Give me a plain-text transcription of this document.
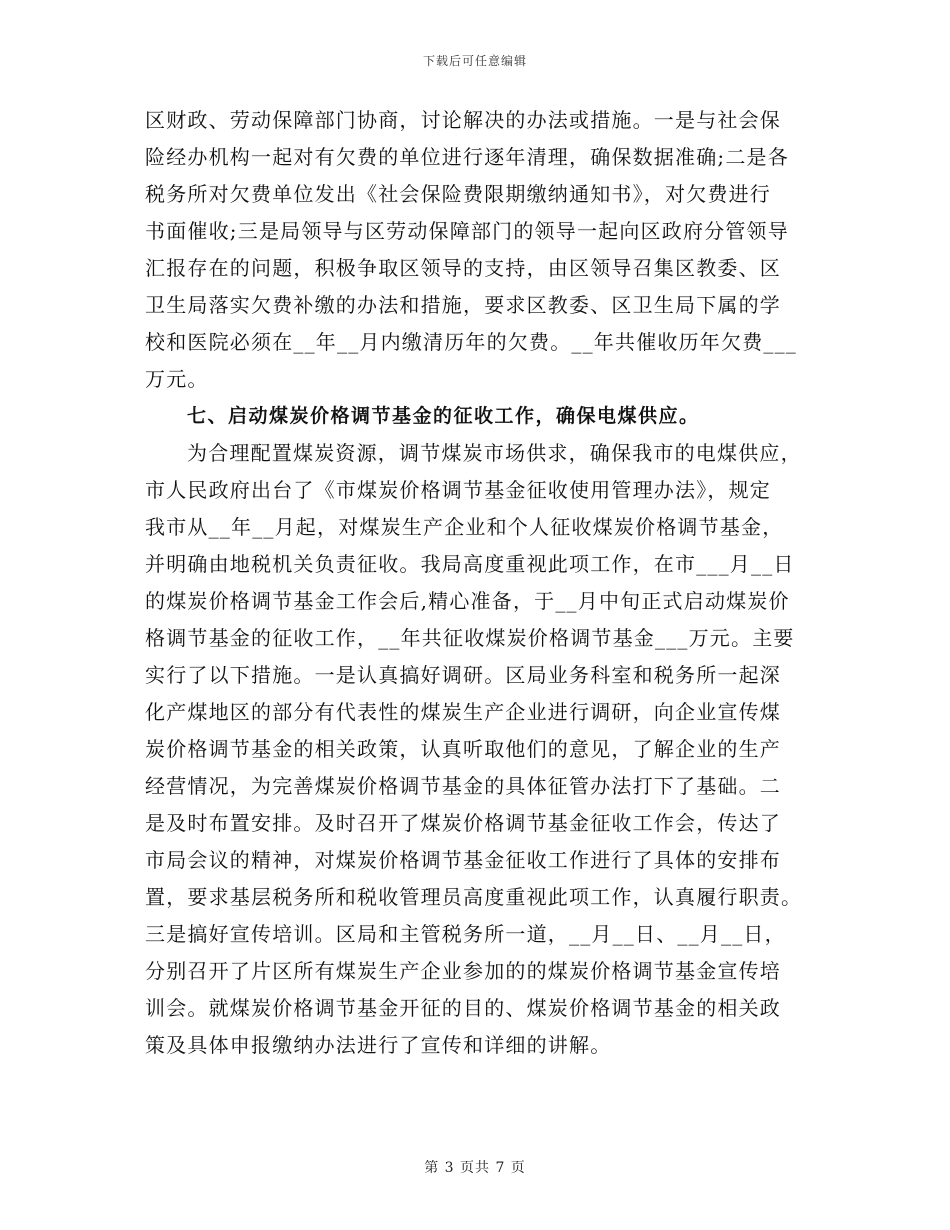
下载后可任意编辑
区财政、劳动保障部门协商，讨论解决的办法或措施。一是与社会保
险经办机构一起对有欠费的单位进行逐年清理，确保数据准确;二是各
税务所对欠费单位发出《社会保险费限期缴纳通知书》，对欠费进行
书面催收;三是局领导与区劳动保障部门的领导一起向区政府分管领导
汇报存在的问题，积极争取区领导的支持，由区领导召集区教委、区
卫生局落实欠费补缴的办法和措施，要求区教委、区卫生局下属的学
校和医院必须在__年__月内缴清历年的欠费。__年共催收历年欠费___
万元。
七、启动煤炭价格调节基金的征收工作，确保电煤供应。
为合理配置煤炭资源，调节煤炭市场供求，确保我市的电煤供应，
市人民政府出台了《市煤炭价格调节基金征收使用管理办法》，规定
我市从__年__月起，对煤炭生产企业和个人征收煤炭价格调节基金，
并明确由地税机关负责征收。我局高度重视此项工作，在市___月__日
的煤炭价格调节基金工作会后,精心准备，于__月中旬正式启动煤炭价
格调节基金的征收工作，__年共征收煤炭价格调节基金___万元。主要
实行了以下措施。一是认真搞好调研。区局业务科室和税务所一起深
化产煤地区的部分有代表性的煤炭生产企业进行调研，向企业宣传煤
炭价格调节基金的相关政策，认真听取他们的意见，了解企业的生产
经营情况，为完善煤炭价格调节基金的具体征管办法打下了基础。二
是及时布置安排。及时召开了煤炭价格调节基金征收工作会，传达了
市局会议的精神，对煤炭价格调节基金征收工作进行了具体的安排布
置，要求基层税务所和税收管理员高度重视此项工作，认真履行职责。
三是搞好宣传培训。区局和主管税务所一道，__月__日、__月__日，
分别召开了片区所有煤炭生产企业参加的的煤炭价格调节基金宣传培
训会。就煤炭价格调节基金开征的目的、煤炭价格调节基金的相关政
策及具体申报缴纳办法进行了宣传和详细的讲解。
第 3 页共 7 页
